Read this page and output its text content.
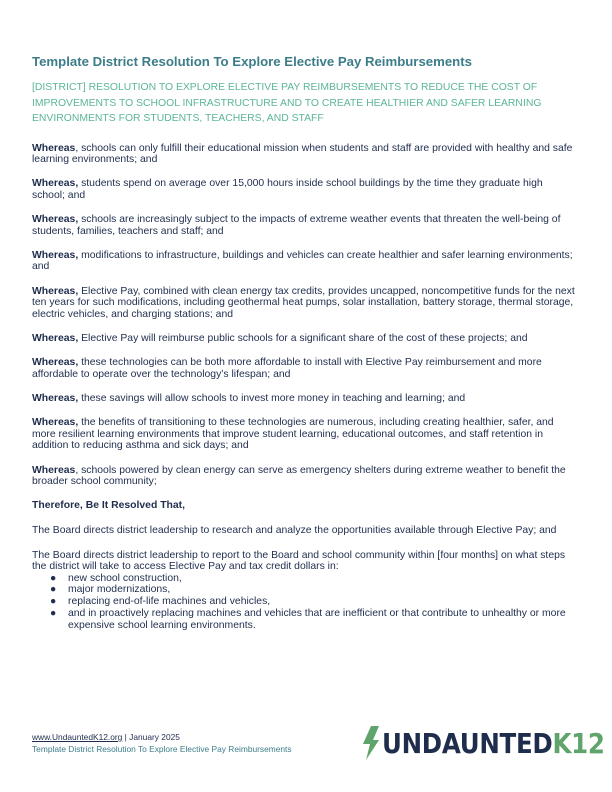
Template District Resolution To Explore Elective Pay Reimbursements

[DISTRICT] RESOLUTION TO EXPLORE ELECTIVE PAY REIMBURSEMENTS TO REDUCE THE COST OF IMPROVEMENTS TO SCHOOL INFRASTRUCTURE AND TO CREATE HEALTHIER AND SAFER LEARNING ENVIRONMENTS FOR STUDENTS, TEACHERS, AND STAFF

Whereas, schools can only fulfill their educational mission when students and staff are provided with healthy and safe learning environments; and

Whereas, students spend on average over 15,000 hours inside school buildings by the time they graduate high school; and

Whereas, schools are increasingly subject to the impacts of extreme weather events that threaten the well-being of students, families, teachers and staff; and

Whereas, modifications to infrastructure, buildings and vehicles can create healthier and safer learning environments; and

Whereas, Elective Pay, combined with clean energy tax credits, provides uncapped, noncompetitive funds for the next ten years for such modifications, including geothermal heat pumps, solar installation, battery storage, thermal storage, electric vehicles, and charging stations; and

Whereas, Elective Pay will reimburse public schools for a significant share of the cost of these projects; and

Whereas, these technologies can be both more affordable to install with Elective Pay reimbursement and more affordable to operate over the technology’s lifespan; and

Whereas, these savings will allow schools to invest more money in teaching and learning; and

Whereas, the benefits of transitioning to these technologies are numerous, including creating healthier, safer, and more resilient learning environments that improve student learning, educational outcomes, and staff retention in addition to reducing asthma and sick days; and

Whereas, schools powered by clean energy can serve as emergency shelters during extreme weather to benefit the broader school community;

Therefore, Be It Resolved That,

The Board directs district leadership to research and analyze the opportunities available through Elective Pay; and

The Board directs district leadership to report to the Board and school community within [four months] on what steps the district will take to access Elective Pay and tax credit dollars in:

● new school construction,
● major modernizations,
● replacing end-of-life machines and vehicles,
● and in proactively replacing machines and vehicles that are inefficient or that contribute to unhealthy or more expensive school learning environments.
www.UndauntedK12.org | January 2025
Template District Resolution To Explore Elective Pay Reimbursements	UNDAUNTEDK12
